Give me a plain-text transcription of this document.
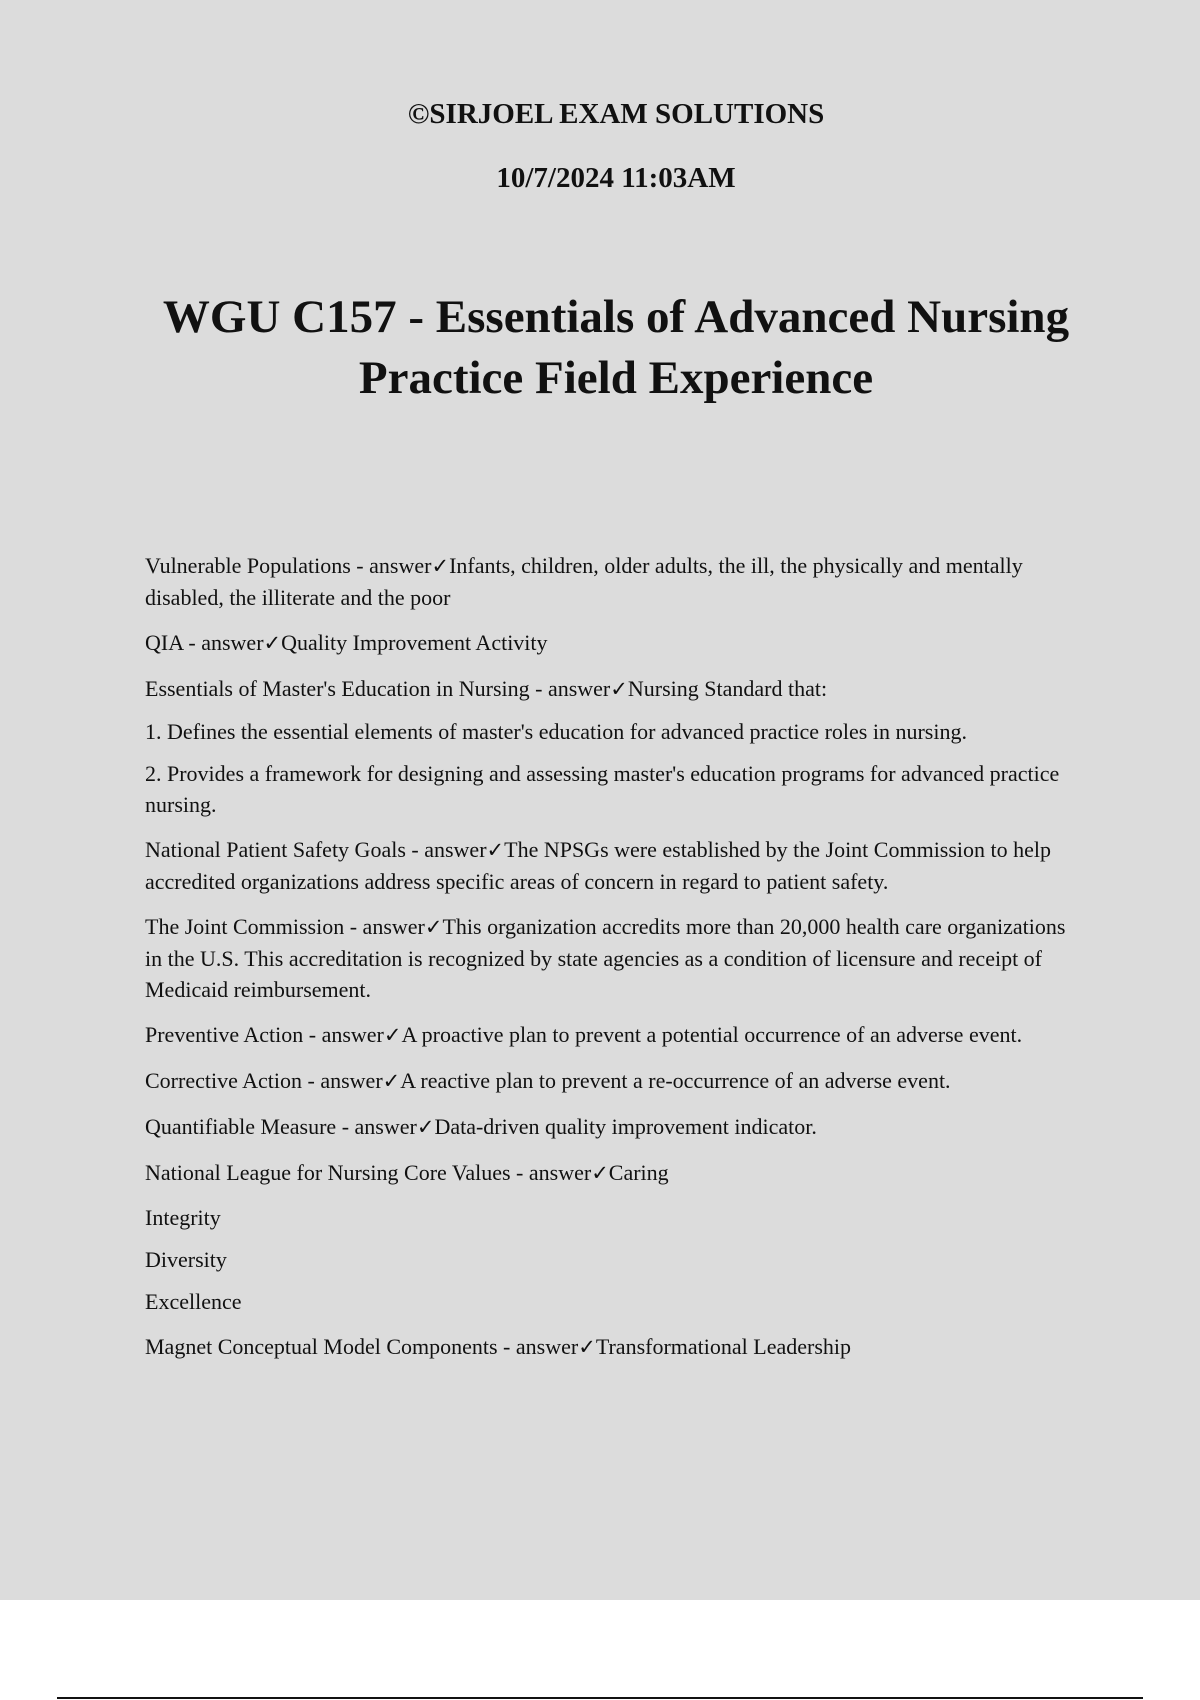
©SIRJOEL EXAM SOLUTIONS
10/7/2024 11:03AM
WGU C157 - Essentials of Advanced Nursing Practice Field Experience

Vulnerable Populations - answer✓Infants, children, older adults, the ill, the physically and mentally disabled, the illiterate and the poor

QIA - answer✓Quality Improvement Activity

Essentials of Master's Education in Nursing - answer✓Nursing Standard that:

1. Defines the essential elements of master's education for advanced practice roles in nursing.

2. Provides a framework for designing and assessing master's education programs for advanced practice nursing.

National Patient Safety Goals - answer✓The NPSGs were established by the Joint Commission to help accredited organizations address specific areas of concern in regard to patient safety.

The Joint Commission - answer✓This organization accredits more than 20,000 health care organizations in the U.S. This accreditation is recognized by state agencies as a condition of licensure and receipt of Medicaid reimbursement.

Preventive Action - answer✓A proactive plan to prevent a potential occurrence of an adverse event.

Corrective Action - answer✓A reactive plan to prevent a re-occurrence of an adverse event.

Quantifiable Measure - answer✓Data-driven quality improvement indicator.

National League for Nursing Core Values - answer✓Caring

Integrity

Diversity

Excellence

Magnet Conceptual Model Components - answer✓Transformational Leadership
